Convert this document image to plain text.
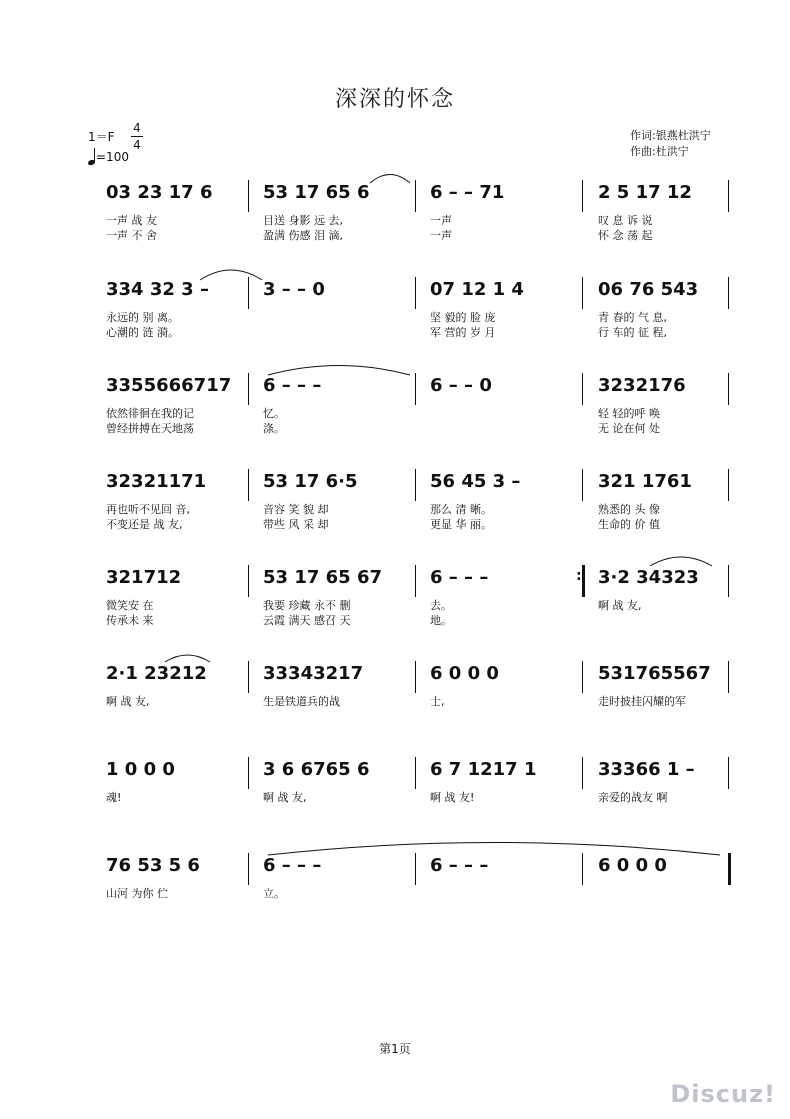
深深的怀念
1＝F
4
4
=100
作词:银燕杜洪宁
作曲:杜洪宁
03 23 17 6
一声 战 友
一声 不 舍
53 17 65 6
目送 身影 远 去,
盈满 伤感 泪 滴,
6 – – 71
一声
一声
2 5 17 12
叹 息 诉 说
怀 念 荡 起
334 32 3 –
永远的 别 离。
心潮的 涟 漪。
3 – – 0	07 12 1 4
坚 毅的 脸 庞
军 营的 岁 月
06 76 543
青 春的 气 息,
行 车的 征 程,
3355666717
依然徘徊在我的记
曾经拼搏在天地荡
6 – – –
忆。
涤。
6 – – 0	3232176
轻 轻的呼 唤
无 论在何 处
32321171
再也听不见回 音,
不变还是 战 友,
53 17 6·5
音容 笑 貌 却
带些 风 采 却
56 45 3 –
那么 清 晰。
更显 华 丽。
321 1761
熟悉的 头 像
生命的 价 值
:
321712
微笑安 在
传承未 来
53 17 65 67
我要 珍藏 永不 删
云霞 满天 感召 天
6 – – –
去。
地。
3·2 34323
啊 战 友,
2·1 23212
啊 战 友,
33343217
生是铁道兵的战
6 0 0 0
士,
531765567
走时披挂闪耀的军
1 0 0 0
魂!
3 6 6765 6
啊 战 友,
6 7 1217 1
啊 战 友!
33366 1 –
亲爱的战友 啊
76 53 5 6
山河 为你 伫
6 – – –
立。
6 – – –	6 0 0 0
第1页
Discuz!
